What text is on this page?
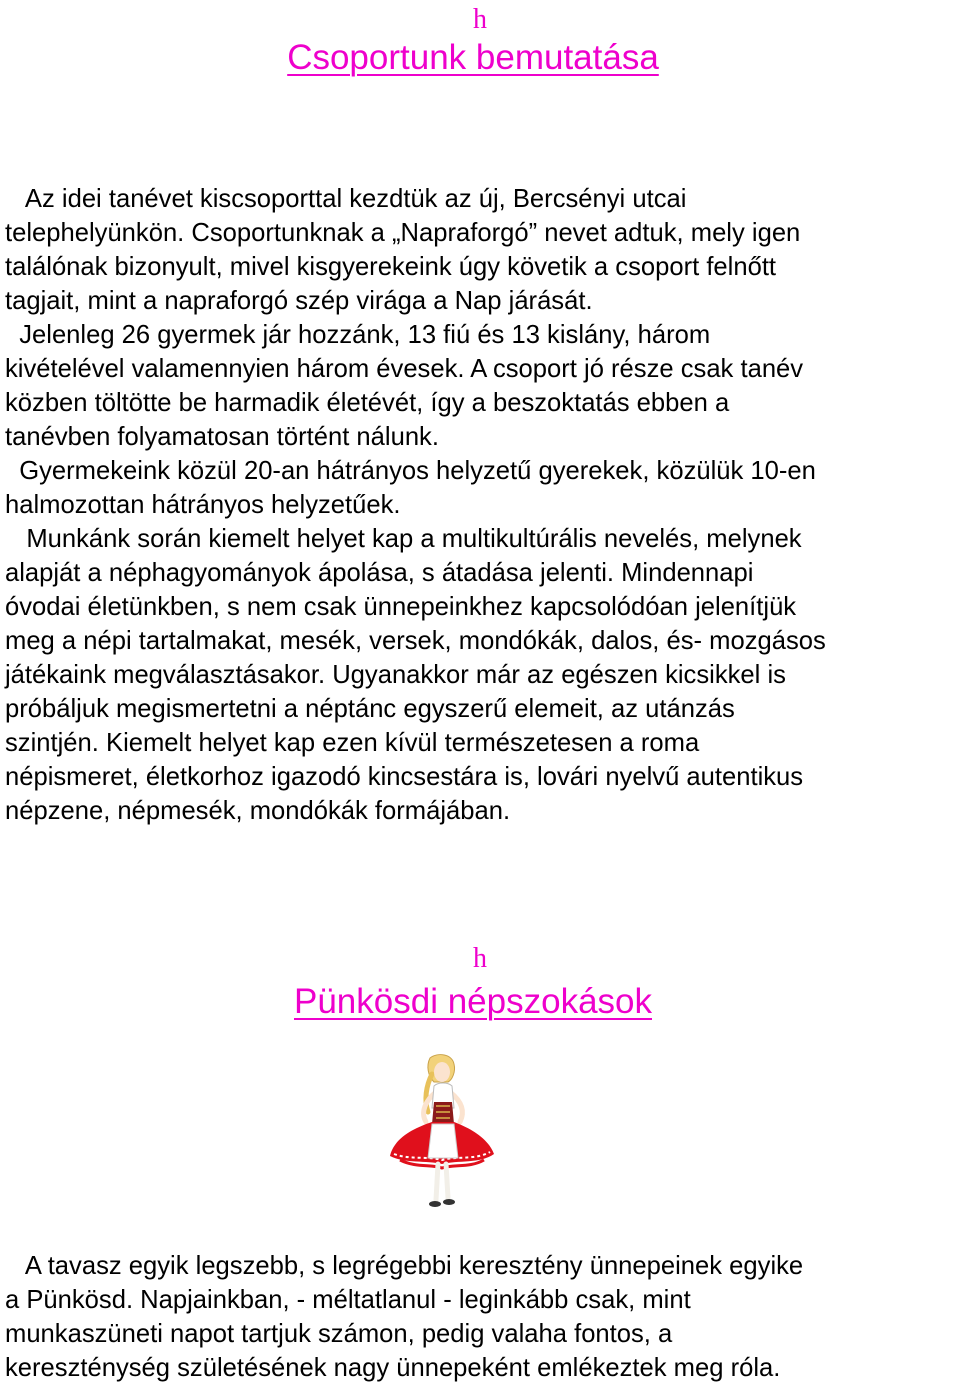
h
Csoportunk bemutatása
Az idei tanévet kiscsoporttal kezdtük az új, Bercsényi utcai
telephelyünkön. Csoportunknak a „Napraforgó” nevet adtuk, mely igen
találónak bizonyult, mivel kisgyerekeink úgy követik a csoport felnőtt
tagjait, mint a napraforgó szép virága a Nap járását.
Jelenleg 26 gyermek jár hozzánk, 13 fiú és 13 kislány, három
kivételével valamennyien három évesek. A csoport jó része csak tanév
közben töltötte be harmadik életévét, így a beszoktatás ebben a
tanévben folyamatosan történt nálunk.
Gyermekeink közül 20-an hátrányos helyzetű gyerekek, közülük 10-en
halmozottan hátrányos helyzetűek.
Munkánk során kiemelt helyet kap a multikultúrális nevelés, melynek
alapját a néphagyományok ápolása, s átadása jelenti. Mindennapi
óvodai életünkben, s nem csak ünnepeinkhez kapcsolódóan jelenítjük
meg a népi tartalmakat, mesék, versek, mondókák, dalos, és- mozgásos
játékaink megválasztásakor. Ugyanakkor már az egészen kicsikkel is
próbáljuk megismertetni a néptánc egyszerű elemeit, az utánzás
szintjén. Kiemelt helyet kap ezen kívül természetesen a roma
népismeret, életkorhoz igazodó kincsestára is, lovári nyelvű autentikus
népzene, népmesék, mondókák formájában.
h
Pünkösdi népszokások
A tavasz egyik legszebb, s legrégebbi keresztény ünnepeinek egyike
a Pünkösd. Napjainkban, - méltatlanul - leginkább csak, mint
munkaszüneti napot tartjuk számon, pedig valaha fontos, a
kereszténység születésének nagy ünnepeként emlékeztek meg róla.
